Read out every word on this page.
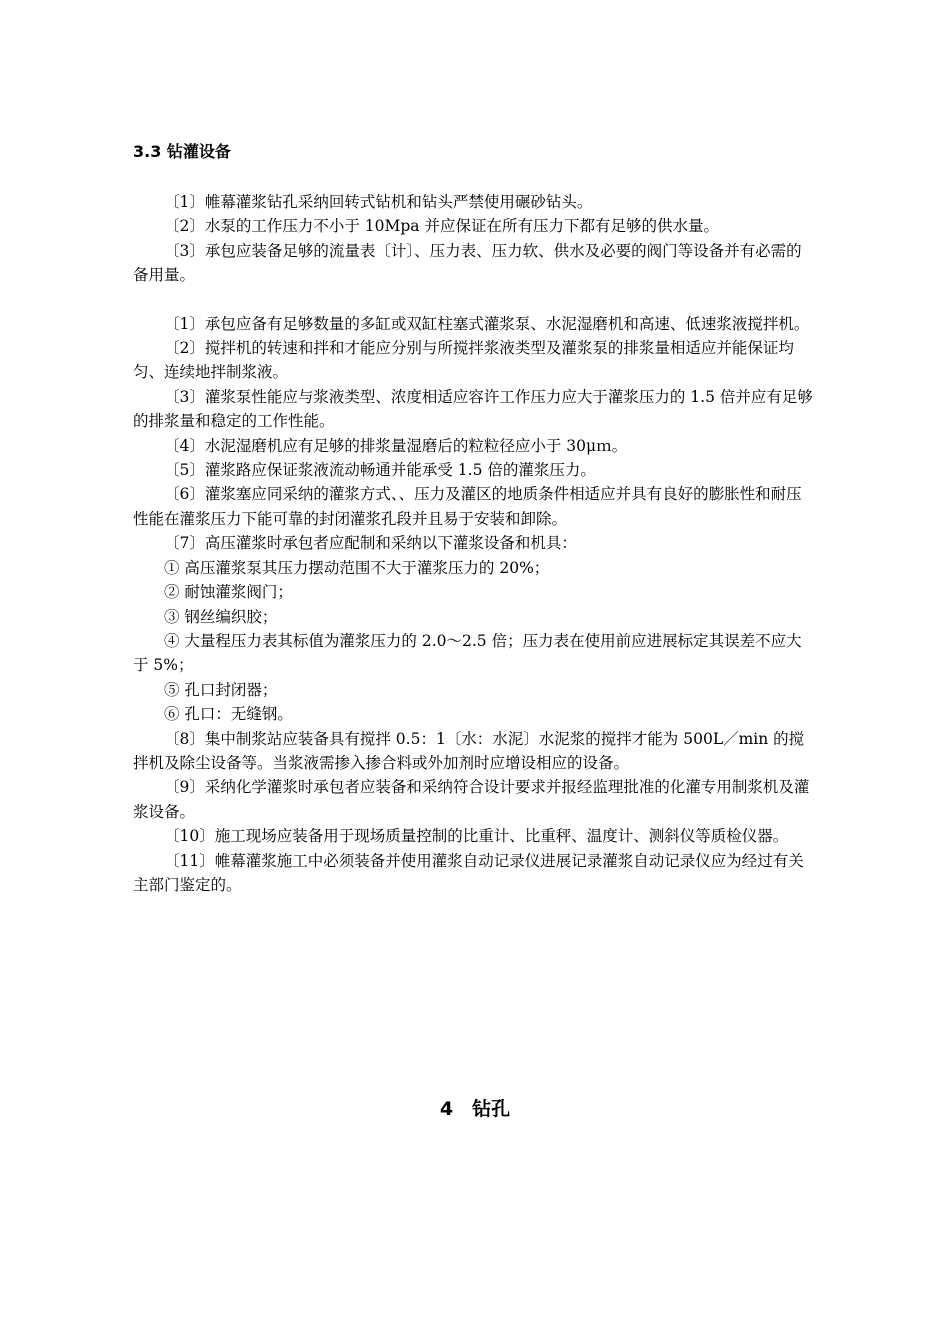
3.3 钻灌设备

〔1〕帷幕灌浆钻孔采纳回转式钻机和钻头严禁使用碾砂钻头。

〔2〕水泵的工作压力不小于 10Mpa 并应保证在所有压力下都有足够的供水量。

〔3〕承包应装备足够的流量表〔计〕、压力表、压力软、供水及必要的阀门等设备并有必需的备用量。

〔1〕承包应备有足够数量的多缸或双缸柱塞式灌浆泵、水泥湿磨机和高速、低速浆液搅拌机。

〔2〕搅拌机的转速和拌和才能应分别与所搅拌浆液类型及灌浆泵的排浆量相适应并能保证均匀、连续地拌制浆液。

〔3〕灌浆泵性能应与浆液类型、浓度相适应容许工作压力应大于灌浆压力的 1.5 倍并应有足够的排浆量和稳定的工作性能。

〔4〕水泥湿磨机应有足够的排浆量湿磨后的粒粒径应小于 30μｍ。

〔5〕灌浆路应保证浆液流动畅通并能承受 1.5 倍的灌浆压力。

〔6〕灌浆塞应同采纳的灌浆方式、、压力及灌区的地质条件相适应并具有良好的膨胀性和耐压性能在灌浆压力下能可靠的封闭灌浆孔段并且易于安装和卸除。

〔7〕高压灌浆时承包者应配制和采纳以下灌浆设备和机具：

① 高压灌浆泵其压力摆动范围不大于灌浆压力的 20%；

② 耐蚀灌浆阀门；

③ 钢丝编织胶；

④ 大量程压力表其标值为灌浆压力的 2.0～2.5 倍；压力表在使用前应进展标定其误差不应大于 5%；

⑤ 孔口封闭器；

⑥ 孔口：无缝钢。

〔8〕集中制浆站应装备具有搅拌 0.5：1〔水：水泥〕水泥浆的搅拌才能为 500L／min 的搅拌机及除尘设备等。当浆液需掺入掺合料或外加剂时应增设相应的设备。

〔9〕采纳化学灌浆时承包者应装备和采纳符合设计要求并报经监理批准的化灌专用制浆机及灌浆设备。

〔10〕施工现场应装备用于现场质量控制的比重计、比重秤、温度计、测斜仪等质检仪器。

〔11〕帷幕灌浆施工中必须装备并使用灌浆自动记录仪进展记录灌浆自动记录仪应为经过有关主部门鉴定的。

4　钻孔
